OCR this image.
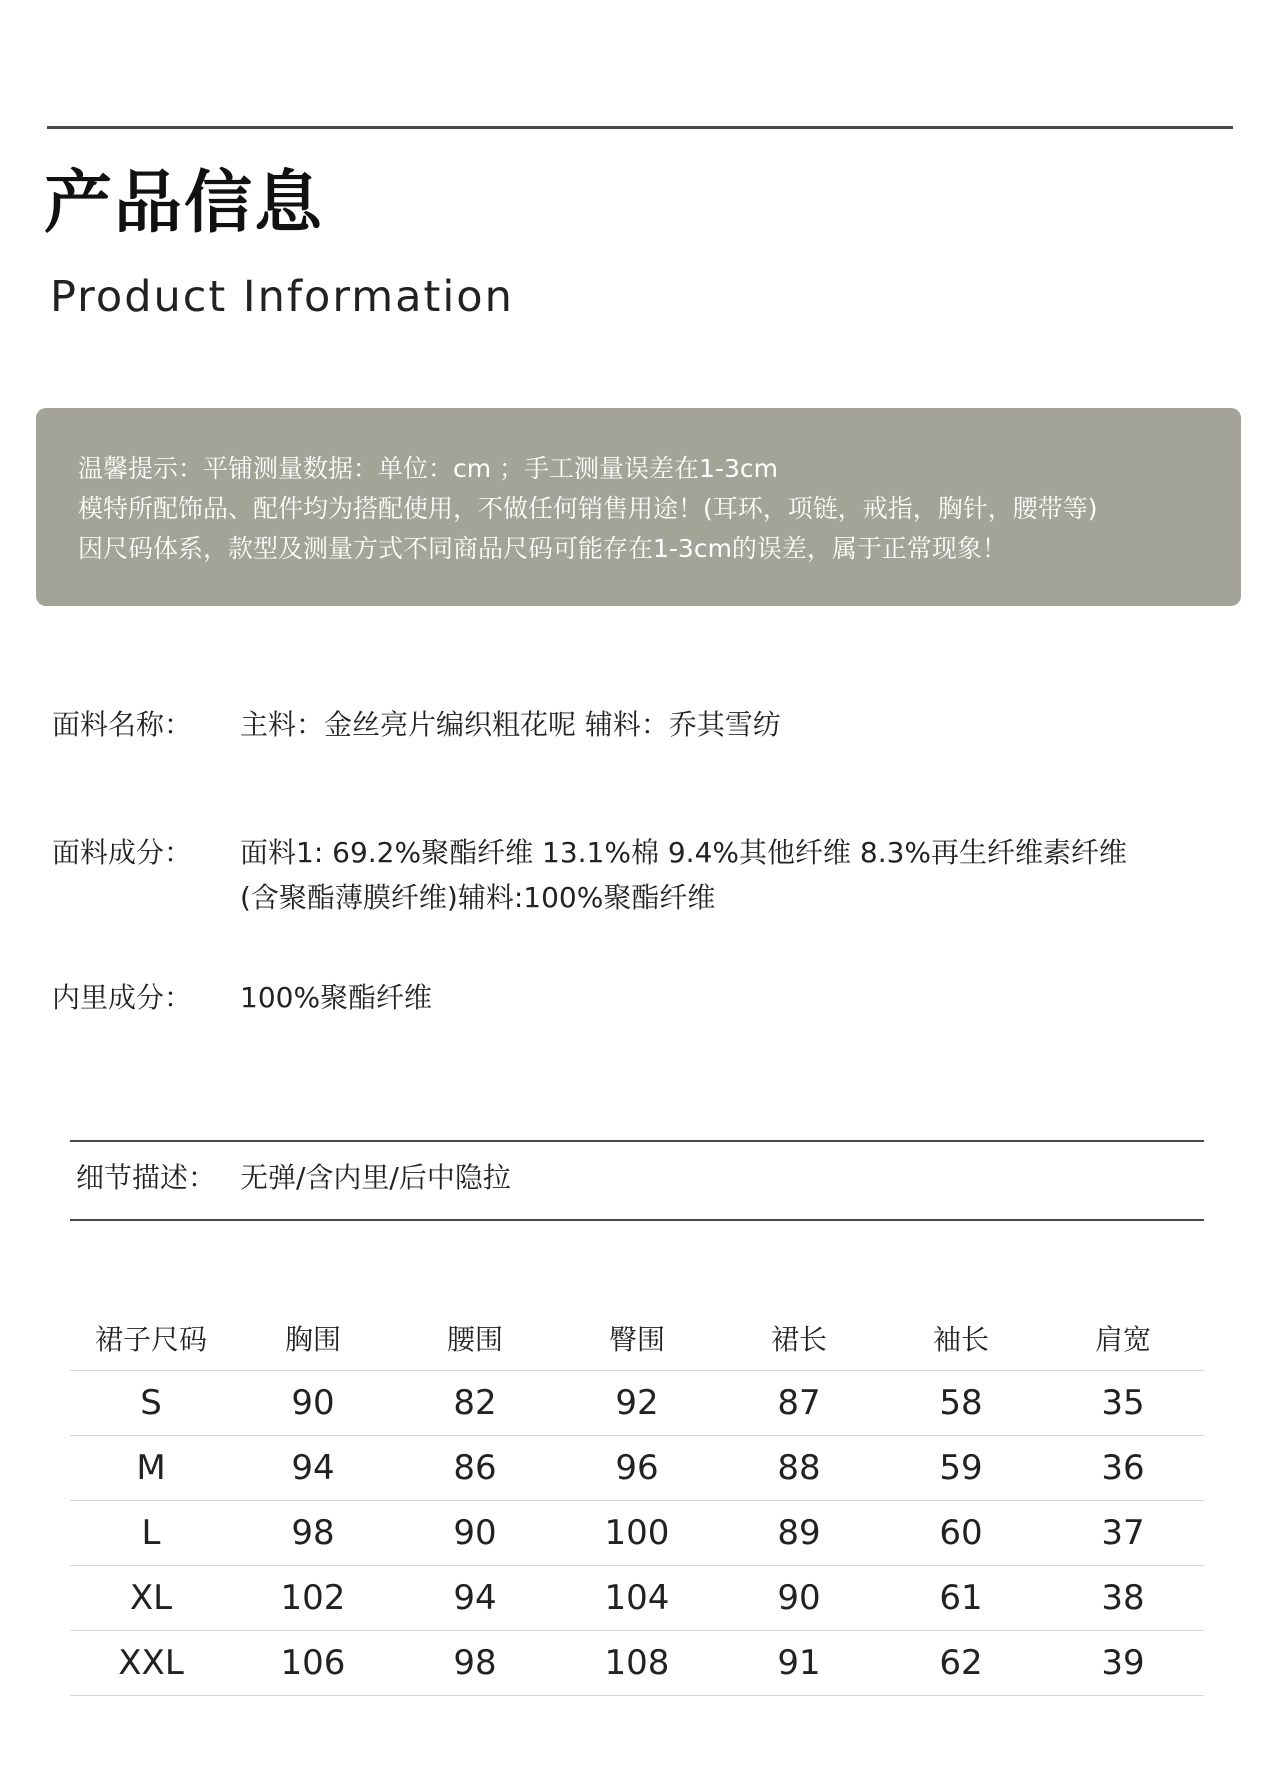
产品信息
Product Information
温馨提示：平铺测量数据：单位：cm ；手工测量误差在1-3cm
模特所配饰品、配件均为搭配使用，不做任何销售用途！(耳环，项链，戒指，胸针，腰带等)
因尺码体系，款型及测量方式不同商品尺码可能存在1-3cm的误差，属于正常现象！
面料名称： 主料：金丝亮片编织粗花呢 辅料：乔其雪纺
面料成分： 面料1: 69.2%聚酯纤维 13.1%棉 9.4%其他纤维 8.3%再生纤维素纤维
(含聚酯薄膜纤维)辅料:100%聚酯纤维
内里成分： 100%聚酯纤维
细节描述： 无弹/含内里/后中隐拉
裙子尺码	胸围	腰围	臀围	裙长	袖长	肩宽
S	90	82	92	87	58	35
M	94	86	96	88	59	36
L	98	90	100	89	60	37
XL	102	94	104	90	61	38
XXL	106	98	108	91	62	39
